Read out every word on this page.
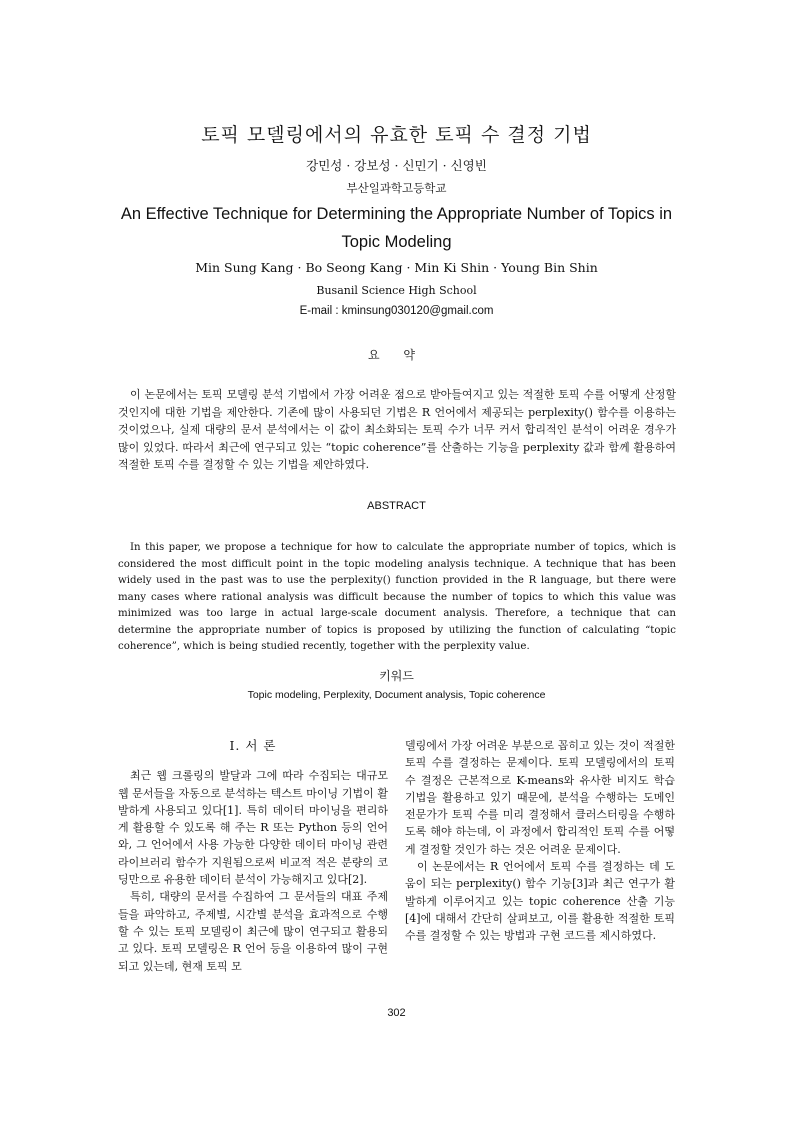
토픽 모델링에서의 유효한 토픽 수 결정 기법
강민성 · 강보성 · 신민기 · 신영빈
부산일과학고등학교
An Effective Technique for Determining the Appropriate Number of Topics in Topic Modeling
Min Sung Kang · Bo Seong Kang · Min Ki Shin · Young Bin Shin
Busanil Science High School
E-mail : kminsung030120@gmail.com
요 약
이 논문에서는 토픽 모델링 분석 기법에서 가장 어려운 점으로 받아들여지고 있는 적절한 토픽 수를 어떻게 산정할 것인지에 대한 기법을 제안한다. 기존에 많이 사용되던 기법은 R 언어에서 제공되는 perplexity() 함수를 이용하는 것이었으나, 실제 대량의 문서 분석에서는 이 값이 최소화되는 토픽 수가 너무 커서 합리적인 분석이 어려운 경우가 많이 있었다. 따라서 최근에 연구되고 있는 “topic coherence”를 산출하는 기능을 perplexity 값과 함께 활용하여 적절한 토픽 수를 결정할 수 있는 기법을 제안하였다.
ABSTRACT
In this paper, we propose a technique for how to calculate the appropriate number of topics, which is considered the most difficult point in the topic modeling analysis technique. A technique that has been widely used in the past was to use the perplexity() function provided in the R language, but there were many cases where rational analysis was difficult because the number of topics to which this value was minimized was too large in actual large-scale document analysis. Therefore, a technique that can determine the appropriate number of topics is proposed by utilizing the function of calculating “topic coherence”, which is being studied recently, together with the perplexity value.
키워드
Topic modeling, Perplexity, Document analysis, Topic coherence
Ⅰ. 서 론

최근 웹 크롤링의 발달과 그에 따라 수집되는 대규모 웹 문서들을 자동으로 분석하는 텍스트 마이닝 기법이 활발하게 사용되고 있다[1]. 특히 데이터 마이닝을 편리하게 활용할 수 있도록 해 주는 R 또는 Python 등의 언어와, 그 언어에서 사용 가능한 다양한 데이터 마이닝 관련 라이브러리 함수가 지원됨으로써 비교적 적은 분량의 코딩만으로 유용한 데이터 분석이 가능해지고 있다[2].

특히, 대량의 문서를 수집하여 그 문서들의 대표 주제들을 파악하고, 주제별, 시간별 분석을 효과적으로 수행할 수 있는 토픽 모델링이 최근에 많이 연구되고 활용되고 있다. 토픽 모델링은 R 언어 등을 이용하여 많이 구현되고 있는데, 현재 토픽 모

델링에서 가장 어려운 부분으로 꼽히고 있는 것이 적절한 토픽 수를 결정하는 문제이다. 토픽 모델링에서의 토픽 수 결정은 근본적으로 K-means와 유사한 비지도 학습 기법을 활용하고 있기 때문에, 분석을 수행하는 도메인 전문가가 토픽 수를 미리 결정해서 클러스터링을 수행하도록 해야 하는데, 이 과정에서 합리적인 토픽 수를 어떻게 결정할 것인가 하는 것은 어려운 문제이다.

이 논문에서는 R 언어에서 토픽 수를 결정하는 데 도움이 되는 perplexity() 함수 기능[3]과 최근 연구가 활발하게 이루어지고 있는 topic coherence 산출 기능[4]에 대해서 간단히 살펴보고, 이를 활용한 적절한 토픽 수를 결정할 수 있는 방법과 구현 코드를 제시하였다.

302
